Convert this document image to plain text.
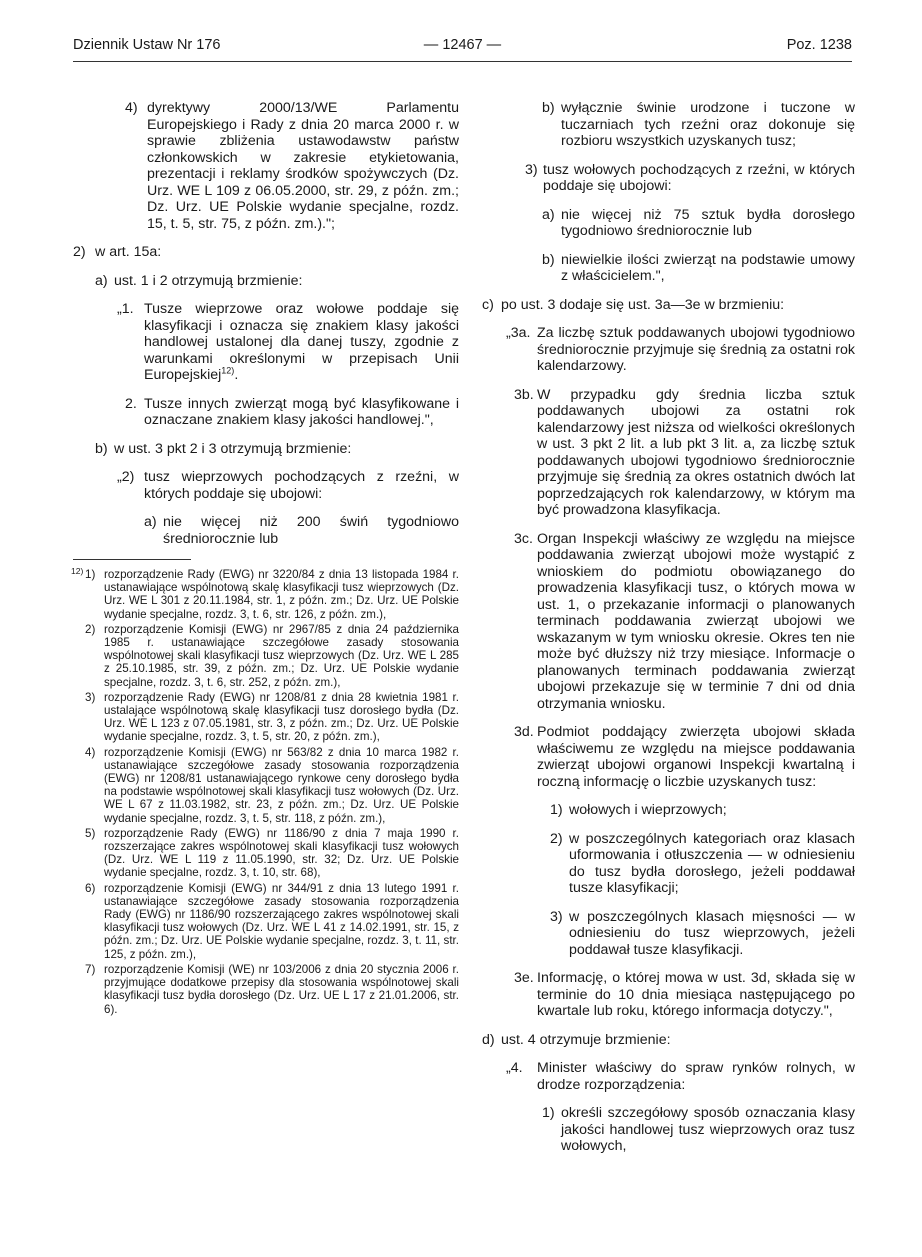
Dziennik Ustaw Nr 176	— 12467 —	Poz. 1238
4) dyrektywy 2000/13/WE Parlamentu Europejskiego i Rady z dnia 20 marca 2000 r. w sprawie zbliżenia ustawodawstw państw członkowskich w zakresie etykietowania, prezentacji i reklamy środków spożywczych (Dz. Urz. WE L 109 z 06.05.2000, str. 29, z późn. zm.; Dz. Urz. UE Polskie wydanie specjalne, rozdz. 15, t. 5, str. 75, z późn. zm.).";
2) w art. 15a:
a) ust. 1 i 2 otrzymują brzmienie:
„1. Tusze wieprzowe oraz wołowe poddaje się klasyfikacji i oznacza się znakiem klasy jakości handlowej ustalonej dla danej tuszy, zgodnie z warunkami określonymi w przepisach Unii Europejskiej$^{12)}$.
2. Tusze innych zwierząt mogą być klasyfikowane i oznaczane znakiem klasy jakości handlowej.",
b) w ust. 3 pkt 2 i 3 otrzymują brzmienie:
„2) tusz wieprzowych pochodzących z rzeźni, w których poddaje się ubojowi:
a) nie więcej niż 200 świń tygodniowo średniorocznie lub
12) 1) rozporządzenie Rady (EWG) nr 3220/84 z dnia 13 listopada 1984 r. ustanawiające wspólnotową skalę klasyfikacji tusz wieprzowych (Dz. Urz. WE L 301 z 20.11.1984, str. 1, z późn. zm.; Dz. Urz. UE Polskie wydanie specjalne, rozdz. 3, t. 6, str. 126, z późn. zm.),
2) rozporządzenie Komisji (EWG) nr 2967/85 z dnia 24 października 1985 r. ustanawiające szczegółowe zasady stosowania wspólnotowej skali klasyfikacji tusz wieprzowych (Dz. Urz. WE L 285 z 25.10.1985, str. 39, z późn. zm.; Dz. Urz. UE Polskie wydanie specjalne, rozdz. 3, t. 6, str. 252, z późn. zm.),
3) rozporządzenie Rady (EWG) nr 1208/81 z dnia 28 kwietnia 1981 r. ustalające wspólnotową skalę klasyfikacji tusz dorosłego bydła (Dz. Urz. WE L 123 z 07.05.1981, str. 3, z późn. zm.; Dz. Urz. UE Polskie wydanie specjalne, rozdz. 3, t. 5, str. 20, z późn. zm.),
4) rozporządzenie Komisji (EWG) nr 563/82 z dnia 10 marca 1982 r. ustanawiające szczegółowe zasady stosowania rozporządzenia (EWG) nr 1208/81 ustanawiającego rynkowe ceny dorosłego bydła na podstawie wspólnotowej skali klasyfikacji tusz wołowych (Dz. Urz. WE L 67 z 11.03.1982, str. 23, z późn. zm.; Dz. Urz. UE Polskie wydanie specjalne, rozdz. 3, t. 5, str. 118, z późn. zm.),
5) rozporządzenie Rady (EWG) nr 1186/90 z dnia 7 maja 1990 r. rozszerzające zakres wspólnotowej skali klasyfikacji tusz wołowych (Dz. Urz. WE L 119 z 11.05.1990, str. 32; Dz. Urz. UE Polskie wydanie specjalne, rozdz. 3, t. 10, str. 68),
6) rozporządzenie Komisji (EWG) nr 344/91 z dnia 13 lutego 1991 r. ustanawiające szczegółowe zasady stosowania rozporządzenia Rady (EWG) nr 1186/90 rozszerzającego zakres wspólnotowej skali klasyfikacji tusz wołowych (Dz. Urz. WE L 41 z 14.02.1991, str. 15, z późn. zm.; Dz. Urz. UE Polskie wydanie specjalne, rozdz. 3, t. 11, str. 125, z późn. zm.),
7) rozporządzenie Komisji (WE) nr 103/2006 z dnia 20 stycznia 2006 r. przyjmujące dodatkowe przepisy dla stosowania wspólnotowej skali klasyfikacji tusz bydła dorosłego (Dz. Urz. UE L 17 z 21.01.2006, str. 6).
b) wyłącznie świnie urodzone i tuczone w tuczarniach tych rzeźni oraz dokonuje się rozbioru wszystkich uzyskanych tusz;
3) tusz wołowych pochodzących z rzeźni, w których poddaje się ubojowi:
a) nie więcej niż 75 sztuk bydła dorosłego tygodniowo średniorocznie lub
b) niewielkie ilości zwierząt na podstawie umowy z właścicielem.",
c) po ust. 3 dodaje się ust. 3a—3e w brzmieniu:
„3a. Za liczbę sztuk poddawanych ubojowi tygodniowo średniorocznie przyjmuje się średnią za ostatni rok kalendarzowy.
3b. W przypadku gdy średnia liczba sztuk poddawanych ubojowi za ostatni rok kalendarzowy jest niższa od wielkości określonych w ust. 3 pkt 2 lit. a lub pkt 3 lit. a, za liczbę sztuk poddawanych ubojowi tygodniowo średniorocznie przyjmuje się średnią za okres ostatnich dwóch lat poprzedzających rok kalendarzowy, w którym ma być prowadzona klasyfikacja.
3c. Organ Inspekcji właściwy ze względu na miejsce poddawania zwierząt ubojowi może wystąpić z wnioskiem do podmiotu obowiązanego do prowadzenia klasyfikacji tusz, o których mowa w ust. 1, o przekazanie informacji o planowanych terminach poddawania zwierząt ubojowi we wskazanym w tym wniosku okresie. Okres ten nie może być dłuższy niż trzy miesiące. Informacje o planowanych terminach poddawania zwierząt ubojowi przekazuje się w terminie 7 dni od dnia otrzymania wniosku.
3d. Podmiot poddający zwierzęta ubojowi składa właściwemu ze względu na miejsce poddawania zwierząt ubojowi organowi Inspekcji kwartalną i roczną informację o liczbie uzyskanych tusz:
1) wołowych i wieprzowych;
2) w poszczególnych kategoriach oraz klasach uformowania i otłuszczenia — w odniesieniu do tusz bydła dorosłego, jeżeli poddawał tusze klasyfikacji;
3) w poszczególnych klasach mięsności — w odniesieniu do tusz wieprzowych, jeżeli poddawał tusze klasyfikacji.
3e. Informację, o której mowa w ust. 3d, składa się w terminie do 10 dnia miesiąca następującego po kwartale lub roku, którego informacja dotyczy.",
d) ust. 4 otrzymuje brzmienie:
„4. Minister właściwy do spraw rynków rolnych, w drodze rozporządzenia:
1) określi szczegółowy sposób oznaczania klasy jakości handlowej tusz wieprzowych oraz tusz wołowych,
